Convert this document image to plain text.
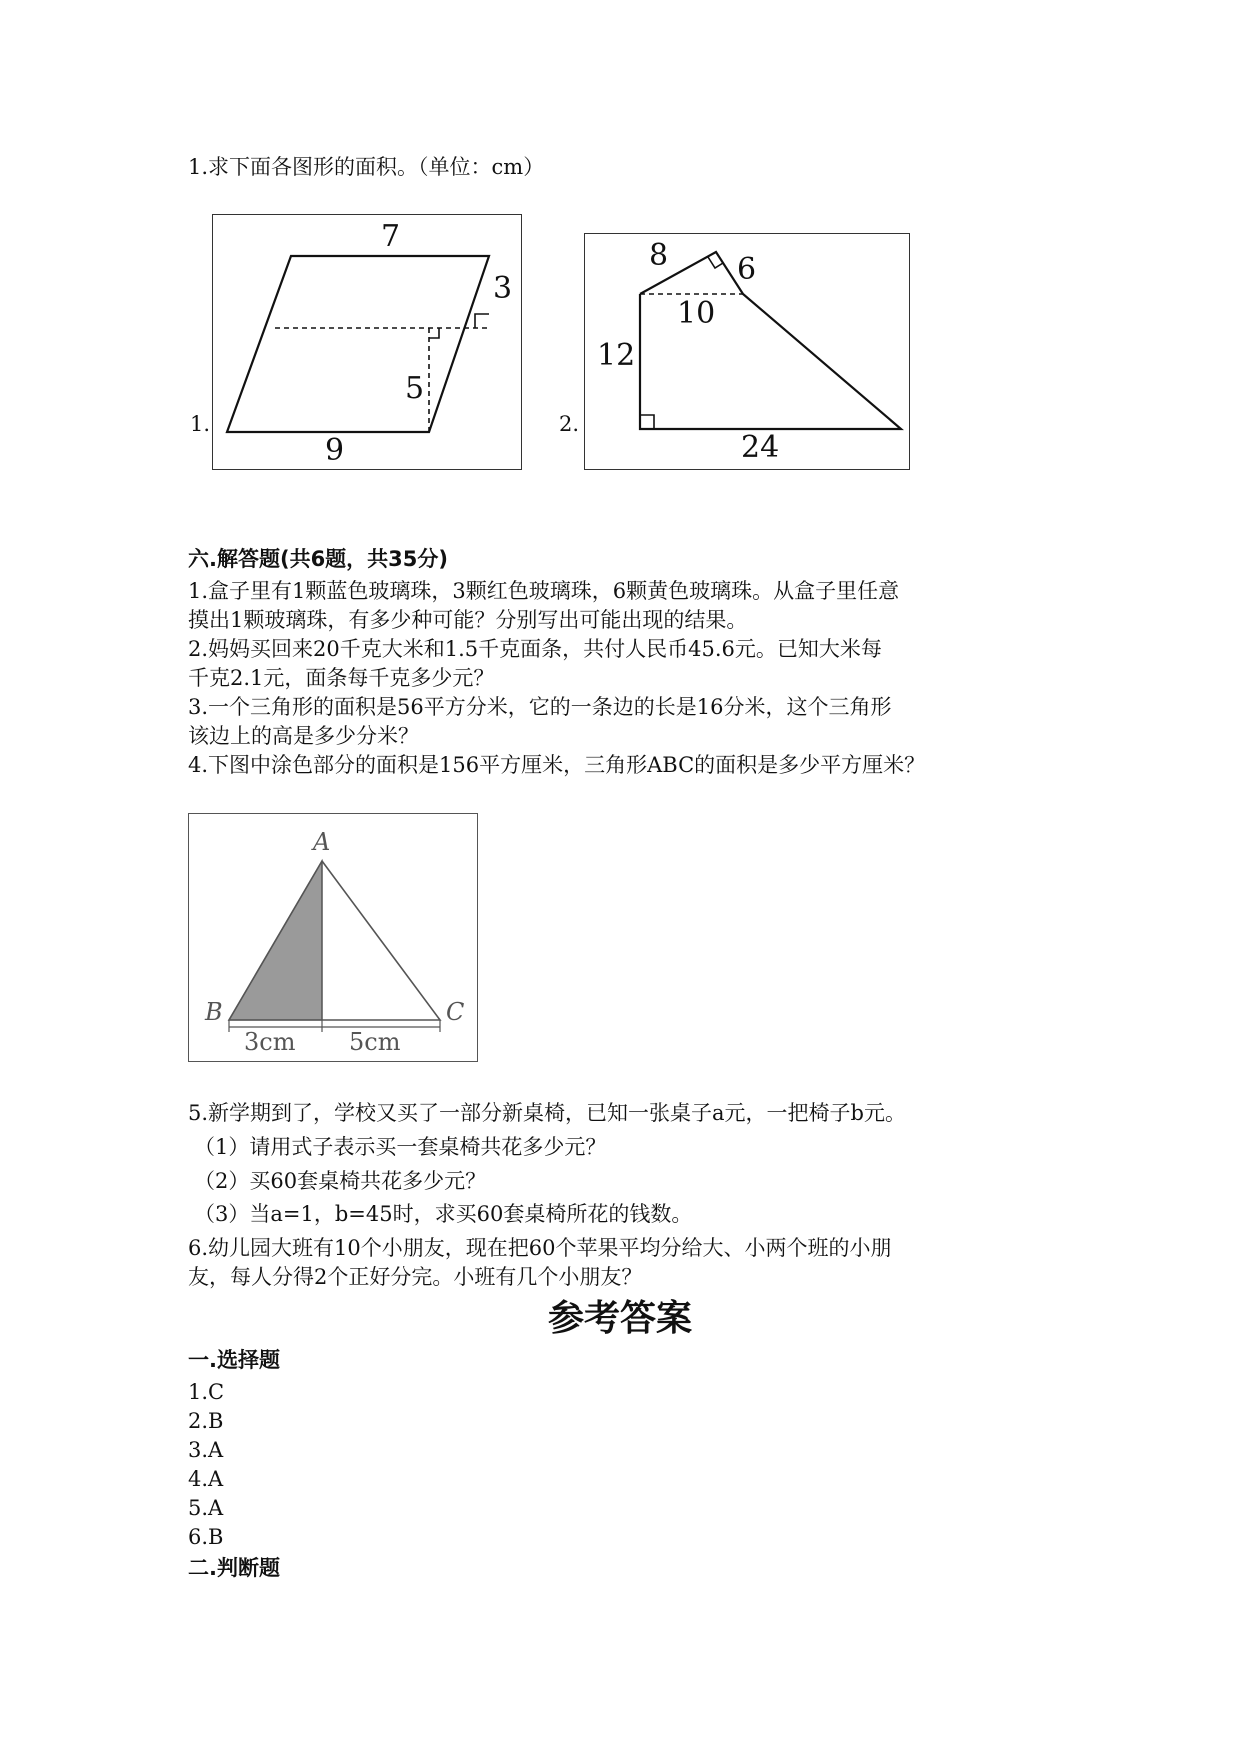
1.求下面各图形的面积。（单位：cm）

1.
7
3
5
9
2.
8 6
10
12
24

六.解答题(共6题，共35分)

1.盒子里有1颗蓝色玻璃珠，3颗红色玻璃珠，6颗黄色玻璃珠。从盒子里任意

摸出1颗玻璃珠，有多少种可能？分别写出可能出现的结果。

2.妈妈买回来20千克大米和1.5千克面条，共付人民币45.6元。已知大米每

千克2.1元，面条每千克多少元？

3.一个三角形的面积是56平方分米，它的一条边的长是16分米，这个三角形

该边上的高是多少分米？

4.下图中涂色部分的面积是156平方厘米，三角形ABC的面积是多少平方厘米？

A
B	C
3cm 5cm

5.新学期到了，学校又买了一部分新桌椅，已知一张桌子a元，一把椅子b元。

（1）请用式子表示买一套桌椅共花多少元？

（2）买60套桌椅共花多少元？

（3）当a=1，b=45时，求买60套桌椅所花的钱数。

6.幼儿园大班有10个小朋友，现在把60个苹果平均分给大、小两个班的小朋

友，每人分得2个正好分完。小班有几个小朋友？

参考答案

一.选择题

1.C

2.B

3.A

4.A

5.A

6.B

二.判断题
